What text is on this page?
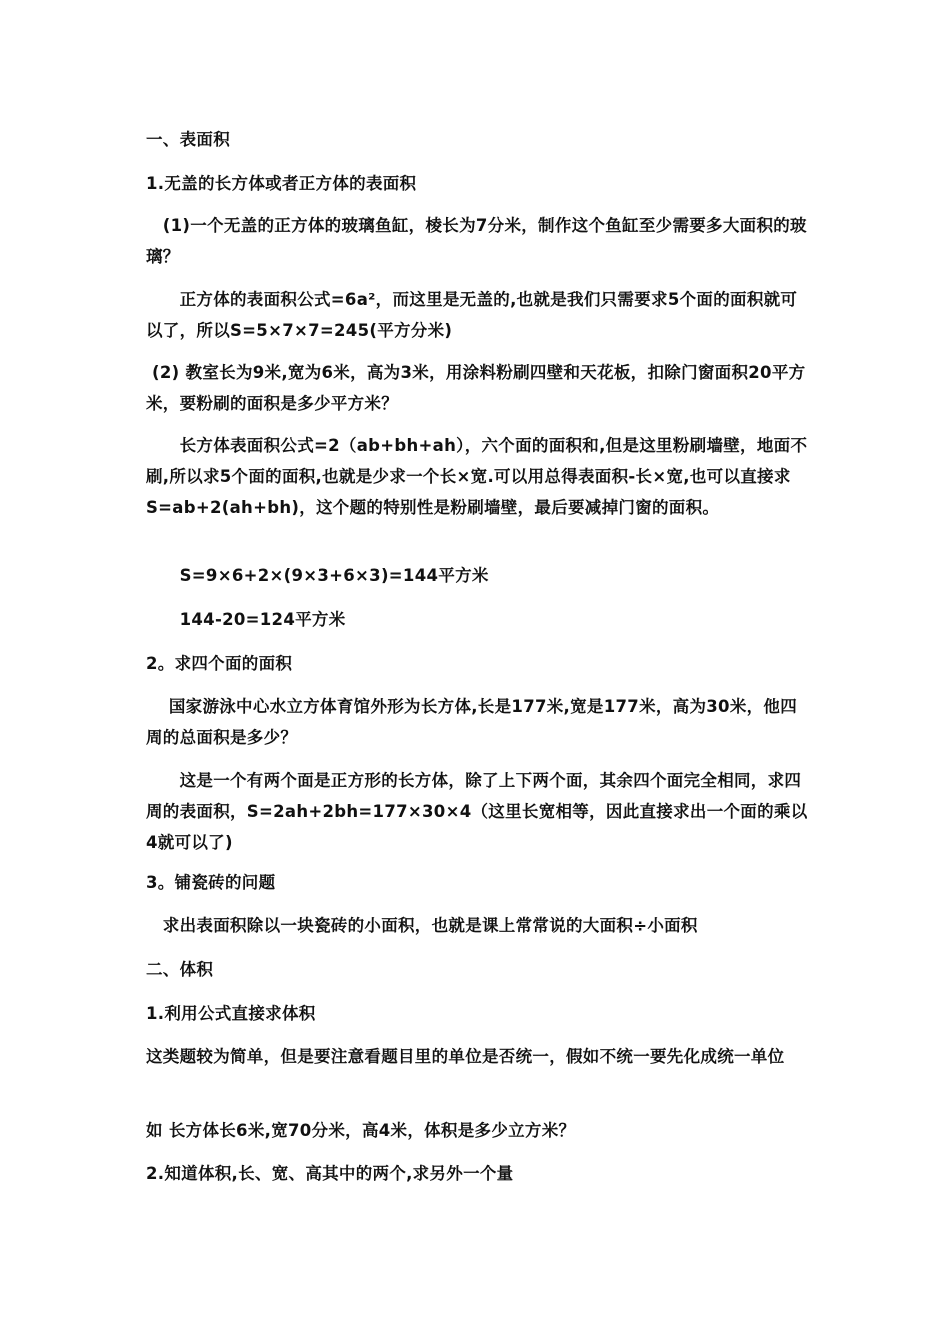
一、表面积

1.无盖的长方体或者正方体的表面积

　(1)一个无盖的正方体的玻璃鱼缸，棱长为7分米，制作这个鱼缸至少需要多大面积的玻璃？

　　正方体的表面积公式=6a²，而这里是无盖的,也就是我们只需要求5个面的面积就可以了，所以S=5×7×7=245(平方分米)

(2) 教室长为9米,宽为6米，高为3米，用涂料粉刷四壁和天花板，扣除门窗面积20平方米，要粉刷的面积是多少平方米？

　　长方体表面积公式=2（ab+bh+ah），六个面的面积和,但是这里粉刷墙壁，地面不刷,所以求5个面的面积,也就是少求一个长×宽.可以用总得表面积-长×宽,也可以直接求S=ab+2(ah+bh)，这个题的特别性是粉刷墙壁，最后要减掉门窗的面积。

　　S=9×6+2×(9×3+6×3)=144平方米

　　144-20=124平方米

2。求四个面的面积

　 国家游泳中心水立方体育馆外形为长方体,长是177米,宽是177米，高为30米，他四周的总面积是多少？

　　这是一个有两个面是正方形的长方体，除了上下两个面，其余四个面完全相同，求四周的表面积，S=2ah+2bh=177×30×4（这里长宽相等，因此直接求出一个面的乘以4就可以了)

3。铺瓷砖的问题

　求出表面积除以一块瓷砖的小面积，也就是课上常常说的大面积÷小面积

二、体积

1.利用公式直接求体积

这类题较为简单，但是要注意看题目里的单位是否统一，假如不统一要先化成统一单位

如 长方体长6米,宽70分米，高4米，体积是多少立方米？

2.知道体积,长、宽、高其中的两个,求另外一个量
